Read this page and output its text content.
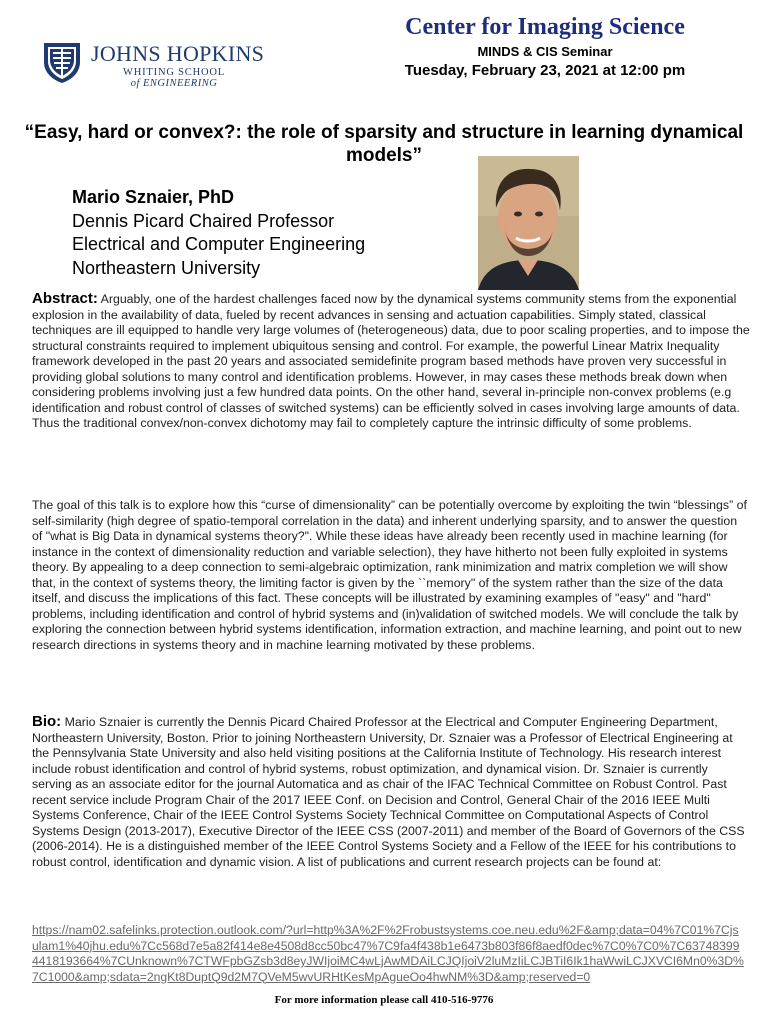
JOHNS HOPKINS
WHITING SCHOOL
of ENGINEERING
Center for Imaging Science
MINDS & CIS Seminar
Tuesday, February 23, 2021 at 12:00 pm
“Easy, hard or convex?: the role of sparsity and structure in learning dynamical models”
Mario Sznaier, PhD
Dennis Picard Chaired Professor
Electrical and Computer Engineering
Northeastern University
Abstract: Arguably, one of the hardest challenges faced now by the dynamical systems community stems from the exponential explosion in the availability of data, fueled by recent advances in sensing and actuation capabilities. Simply stated, classical techniques are ill equipped to handle very large volumes of (heterogeneous) data, due to poor scaling properties, and to impose the structural constraints required to implement ubiquitous sensing and control. For example, the powerful Linear Matrix Inequality framework developed in the past 20 years and associated semidefinite program based methods have proven very successful in providing global solutions to many control and identification problems. However, in may cases these methods break down when considering problems involving just a few hundred data points. On the other hand, several in-principle non-convex problems (e.g identification and robust control of classes of switched systems) can be efficiently solved in cases involving large amounts of data. Thus the traditional convex/non-convex dichotomy may fail to completely capture the intrinsic difficulty of some problems.
The goal of this talk is to explore how this “curse of dimensionality” can be potentially overcome by exploiting the twin “blessings” of self-similarity (high degree of spatio-temporal correlation in the data) and inherent underlying sparsity, and to answer the question of "what is Big Data in dynamical systems theory?". While these ideas have already been recently used in machine learning (for instance in the context of dimensionality reduction and variable selection), they have hitherto not been fully exploited in systems theory. By appealing to a deep connection to semi-algebraic optimization, rank minimization and matrix completion we will show that, in the context of systems theory, the limiting factor is given by the ``memory" of the system rather than the size of the data itself, and discuss the implications of this fact. These concepts will be illustrated by examining examples of "easy" and "hard" problems, including identification and control of hybrid systems and (in)validation of switched models. We will conclude the talk by exploring the connection between hybrid systems identification, information extraction, and machine learning, and point out to new research directions in systems theory and in machine learning motivated by these problems.
Bio: Mario Sznaier is currently the Dennis Picard Chaired Professor at the Electrical and Computer Engineering Department, Northeastern University, Boston. Prior to joining Northeastern University, Dr. Sznaier was a Professor of Electrical Engineering at the Pennsylvania State University and also held visiting positions at the California Institute of Technology. His research interest include robust identification and control of hybrid systems, robust optimization, and dynamical vision. Dr. Sznaier is currently serving as an associate editor for the journal Automatica and as chair of the IFAC Technical Committee on Robust Control. Past recent service include Program Chair of the 2017 IEEE Conf. on Decision and Control, General Chair of the 2016 IEEE Multi Systems Conference, Chair of the IEEE Control Systems Society Technical Committee on Computational Aspects of Control Systems Design (2013-2017), Executive Director of the IEEE CSS (2007-2011) and member of the Board of Governors of the CSS (2006-2014). He is a distinguished member of the IEEE Control Systems Society and a Fellow of the IEEE for his contributions to robust control, identification and dynamic vision. A list of publications and current research projects can be found at:
https://nam02.safelinks.protection.outlook.com/?url=http%3A%2F%2Frobustsystems.coe.neu.edu%2F&amp;data=04%7C01%7Cjsulam1%40jhu.edu%7Cc568d7e5a82f414e8e4508d8cc50bc47%7C9fa4f438b1e6473b803f86f8aedf0dec%7C0%7C0%7C637483994418193664%7CUnknown%7CTWFpbGZsb3d8eyJWIjoiMC4wLjAwMDAiLCJQIjoiV2luMzIiLCJBTiI6Ik1haWwiLCJXVCI6Mn0%3D%7C1000&amp;sdata=2ngKt8DuptQ9d2M7QVeM5wvURHtKesMpAgueOo4hwNM%3D&amp;reserved=0
For more information please call 410-516-9776
